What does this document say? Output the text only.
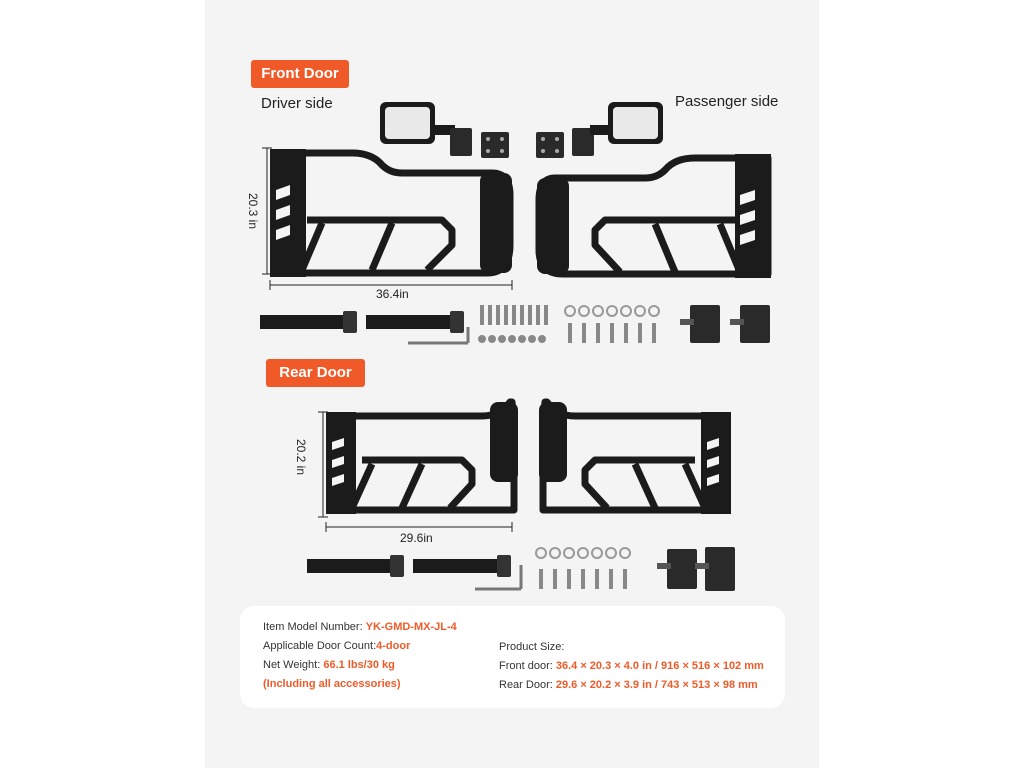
Front Door
Driver side	Passenger side
20.3 in
36.4in
Rear Door
20.2 in
29.6in
Item Model Number: YK-GMD-MX-JL-4
Applicable Door Count:4-door
Net Weight: 66.1 lbs/30 kg
(Including all accessories)
Product Size:
Front door: 36.4 × 20.3 × 4.0 in / 916 × 516 × 102 mm
Rear Door: 29.6 × 20.2 × 3.9 in / 743 × 513 × 98 mm
